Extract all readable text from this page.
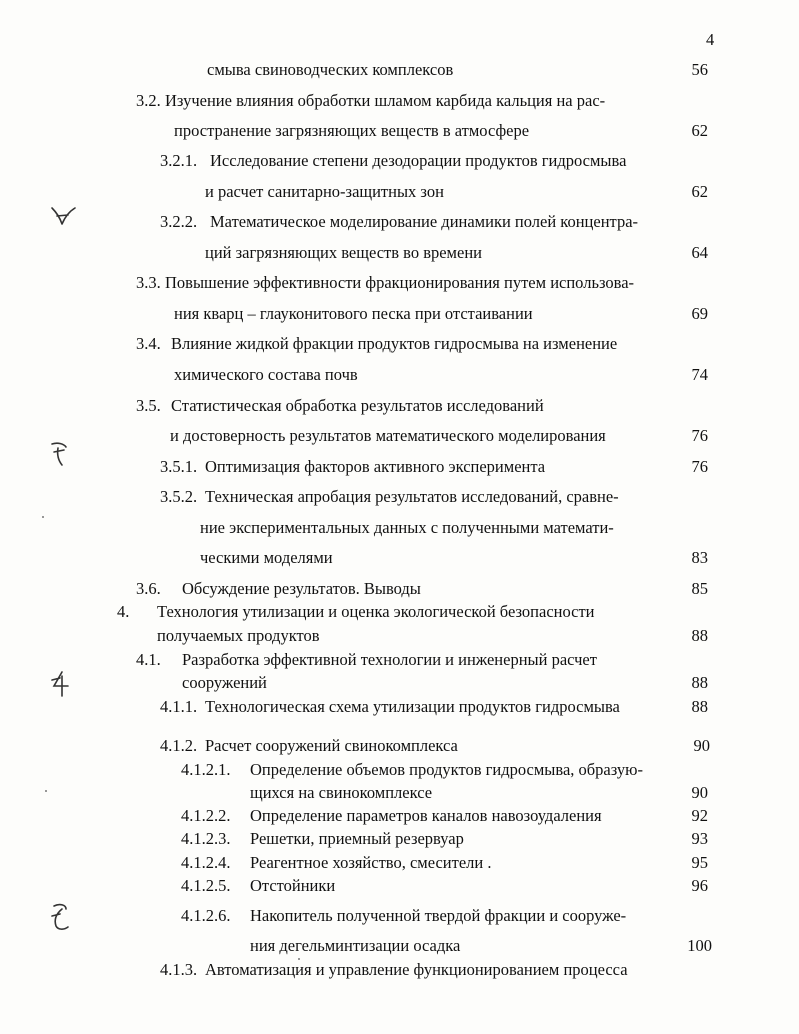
4
смыва свиноводческих комплексов	56
3.2. Изучение влияния обработки шламом карбида кальция на рас-
пространение загрязняющих веществ в атмосфере	62
3.2.1. Исследование степени дезодорации продуктов гидросмыва
и расчет санитарно-защитных зон	62
3.2.2. Математическое моделирование динамики полей концентра-
ций загрязняющих веществ во времени	64
3.3. Повышение эффективности фракционирования путем использова-
ния кварц – глауконитового песка при отстаивании	69
3.4. Влияние жидкой фракции продуктов гидросмыва на изменение
химического состава почв	74
3.5. Статистическая обработка результатов исследований
и достоверность результатов математического моделирования	76
3.5.1. Оптимизация факторов активного эксперимента	76
3.5.2. Техническая апробация результатов исследований, сравне-
ние экспериментальных данных с полученными математи-
ческими моделями	83
3.6. Обсуждение результатов. Выводы	85
4. Технология утилизации и оценка экологической безопасности
получаемых продуктов	88
4.1. Разработка эффективной технологии и инженерный расчет
сооружений	88
4.1.1. Технологическая схема утилизации продуктов гидросмыва	88
4.1.2. Расчет сооружений свинокомплекса	90
4.1.2.1. Определение объемов продуктов гидросмыва, образую-
щихся на свинокомплексе	90
4.1.2.2. Определение параметров каналов навозоудаления	92
4.1.2.3. Решетки, приемный резервуар	93
4.1.2.4. Реагентное хозяйство, смесители .	95
4.1.2.5. Отстойники	96
4.1.2.6. Накопитель полученной твердой фракции и сооруже-
ния дегельминтизации осадка	100
4.1.3. Автоматизация и управление функционированием процесса
